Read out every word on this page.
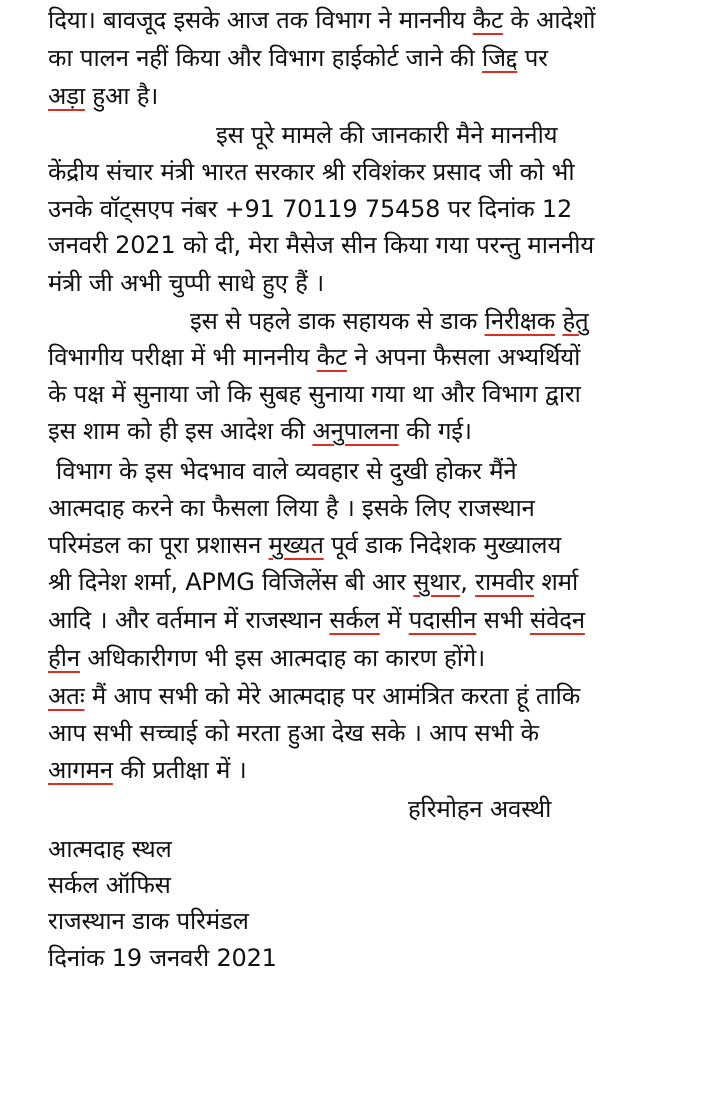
दिया। बावजूद इसके आज तक विभाग ने माननीय कैट के आदेशों
का पालन नहीं किया और विभाग हाईकोर्ट जाने की जिद्द पर
अड़ा हुआ है।
इस पूरे मामले की जानकारी मैने माननीय
केंद्रीय संचार मंत्री भारत सरकार श्री रविशंकर प्रसाद जी को भी
उनके वॉट्सएप नंबर +91 70119 75458 पर दिनांक 12
जनवरी 2021 को दी, मेरा मैसेज सीन किया गया परन्तु माननीय
मंत्री जी अभी चुप्पी साधे हुए हैं ।
इस से पहले डाक सहायक से डाक निरीक्षक हेतु
विभागीय परीक्षा में भी माननीय कैट ने अपना फैसला अभ्यर्थियों
के पक्ष में सुनाया जो कि सुबह सुनाया गया था और विभाग द्वारा
इस शाम को ही इस आदेश की अनुपालना की गई।
विभाग के इस भेदभाव वाले व्यवहार से दुखी होकर मैंने
आत्मदाह करने का फैसला लिया है । इसके लिए राजस्थान
परिमंडल का पूरा प्रशासन मुख्यत पूर्व डाक निदेशक मुख्यालय
श्री दिनेश शर्मा, APMG विजिलेंस बी आर सुथार, रामवीर शर्मा
आदि । और वर्तमान में राजस्थान सर्कल में पदासीन सभी संवेदन
हीन अधिकारीगण भी इस आत्मदाह का कारण होंगे।
अतः मैं आप सभी को मेरे आत्मदाह पर आमंत्रित करता हूं ताकि
आप सभी सच्चाई को मरता हुआ देख सके । आप सभी के
आगमन की प्रतीक्षा में ।
हरिमोहन अवस्थी
आत्मदाह स्थल
सर्कल ऑफिस
राजस्थान डाक परिमंडल
दिनांक 19 जनवरी 2021
